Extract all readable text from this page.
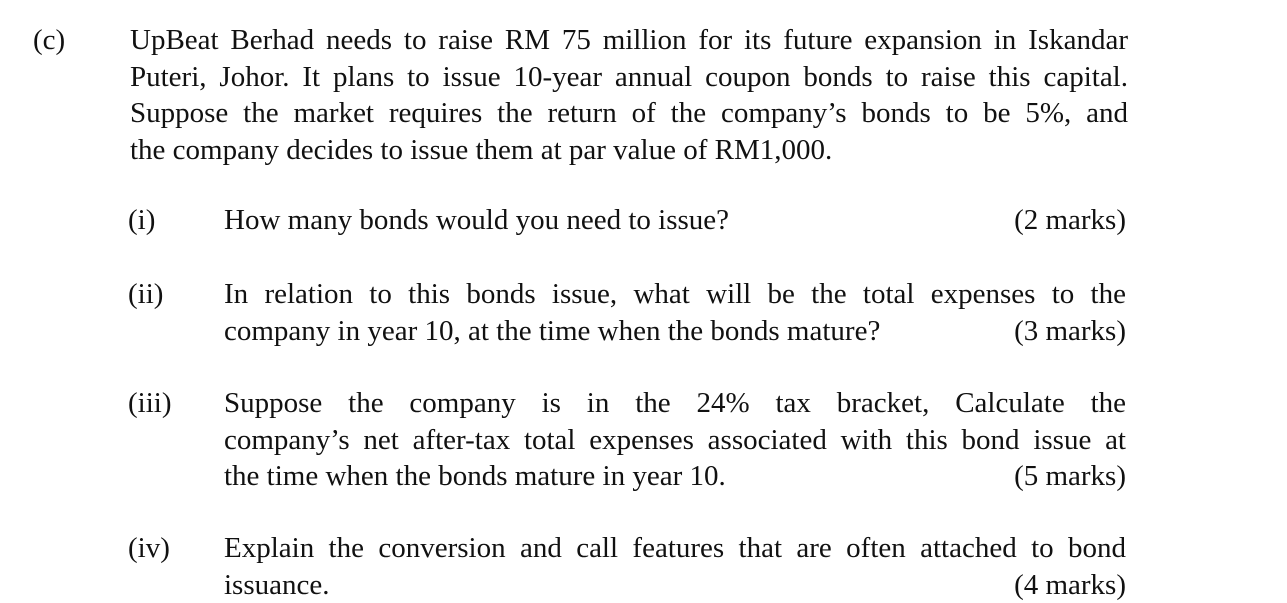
(c) UpBeat Berhad needs to raise RM 75 million for its future expansion in Iskandar
Puteri, Johor. It plans to issue 10-year annual coupon bonds to raise this capital.
Suppose the market requires the return of the company’s bonds to be 5%, and
the company decides to issue them at par value of RM1,000.
(i) How many bonds would you need to issue?	(2 marks)
(ii) In relation to this bonds issue, what will be the total expenses to the
company in year 10, at the time when the bonds mature?	(3 marks)
(iii) Suppose the company is in the 24% tax bracket, Calculate the
company’s net after-tax total expenses associated with this bond issue at
the time when the bonds mature in year 10.	(5 marks)
(iv) Explain the conversion and call features that are often attached to bond
issuance.	(4 marks)
